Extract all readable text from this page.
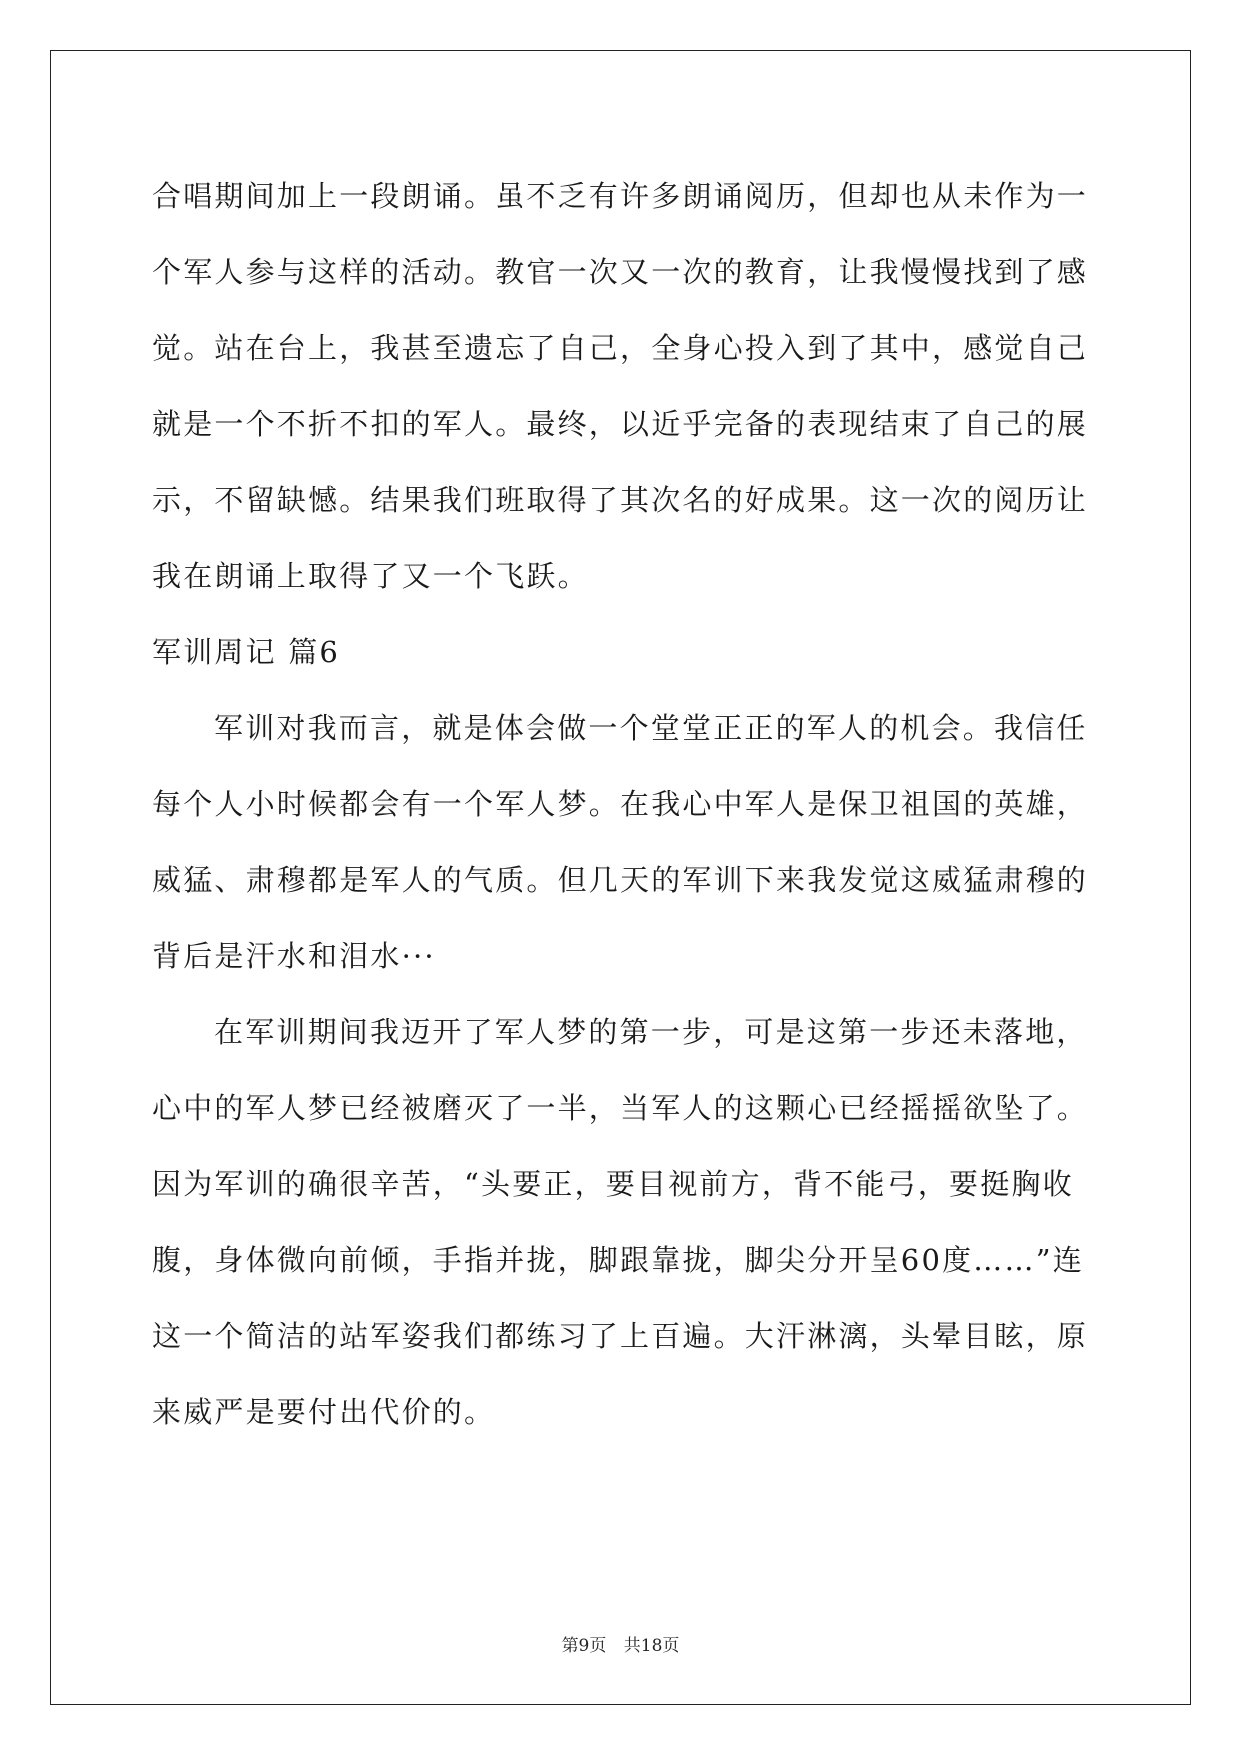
合唱期间加上一段朗诵。虽不乏有许多朗诵阅历，但却也从未作为一
个军人参与这样的活动。教官一次又一次的教育，让我慢慢找到了感
觉。站在台上，我甚至遗忘了自己，全身心投入到了其中，感觉自己
就是一个不折不扣的军人。最终，以近乎完备的表现结束了自己的展
示，不留缺憾。结果我们班取得了其次名的好成果。这一次的阅历让
我在朗诵上取得了又一个飞跃。
军训周记 篇6
军训对我而言，就是体会做一个堂堂正正的军人的机会。我信任
每个人小时候都会有一个军人梦。在我心中军人是保卫祖国的英雄，
威猛、肃穆都是军人的气质。但几天的军训下来我发觉这威猛肃穆的
背后是汗水和泪水···
在军训期间我迈开了军人梦的第一步，可是这第一步还未落地，
心中的军人梦已经被磨灭了一半，当军人的这颗心已经摇摇欲坠了。
因为军训的确很辛苦，“头要正，要目视前方，背不能弓，要挺胸收
腹，身体微向前倾，手指并拢，脚跟靠拢，脚尖分开呈60度……”连
这一个简洁的站军姿我们都练习了上百遍。大汗淋漓，头晕目眩，原
来威严是要付出代价的。
第9页 共18页
